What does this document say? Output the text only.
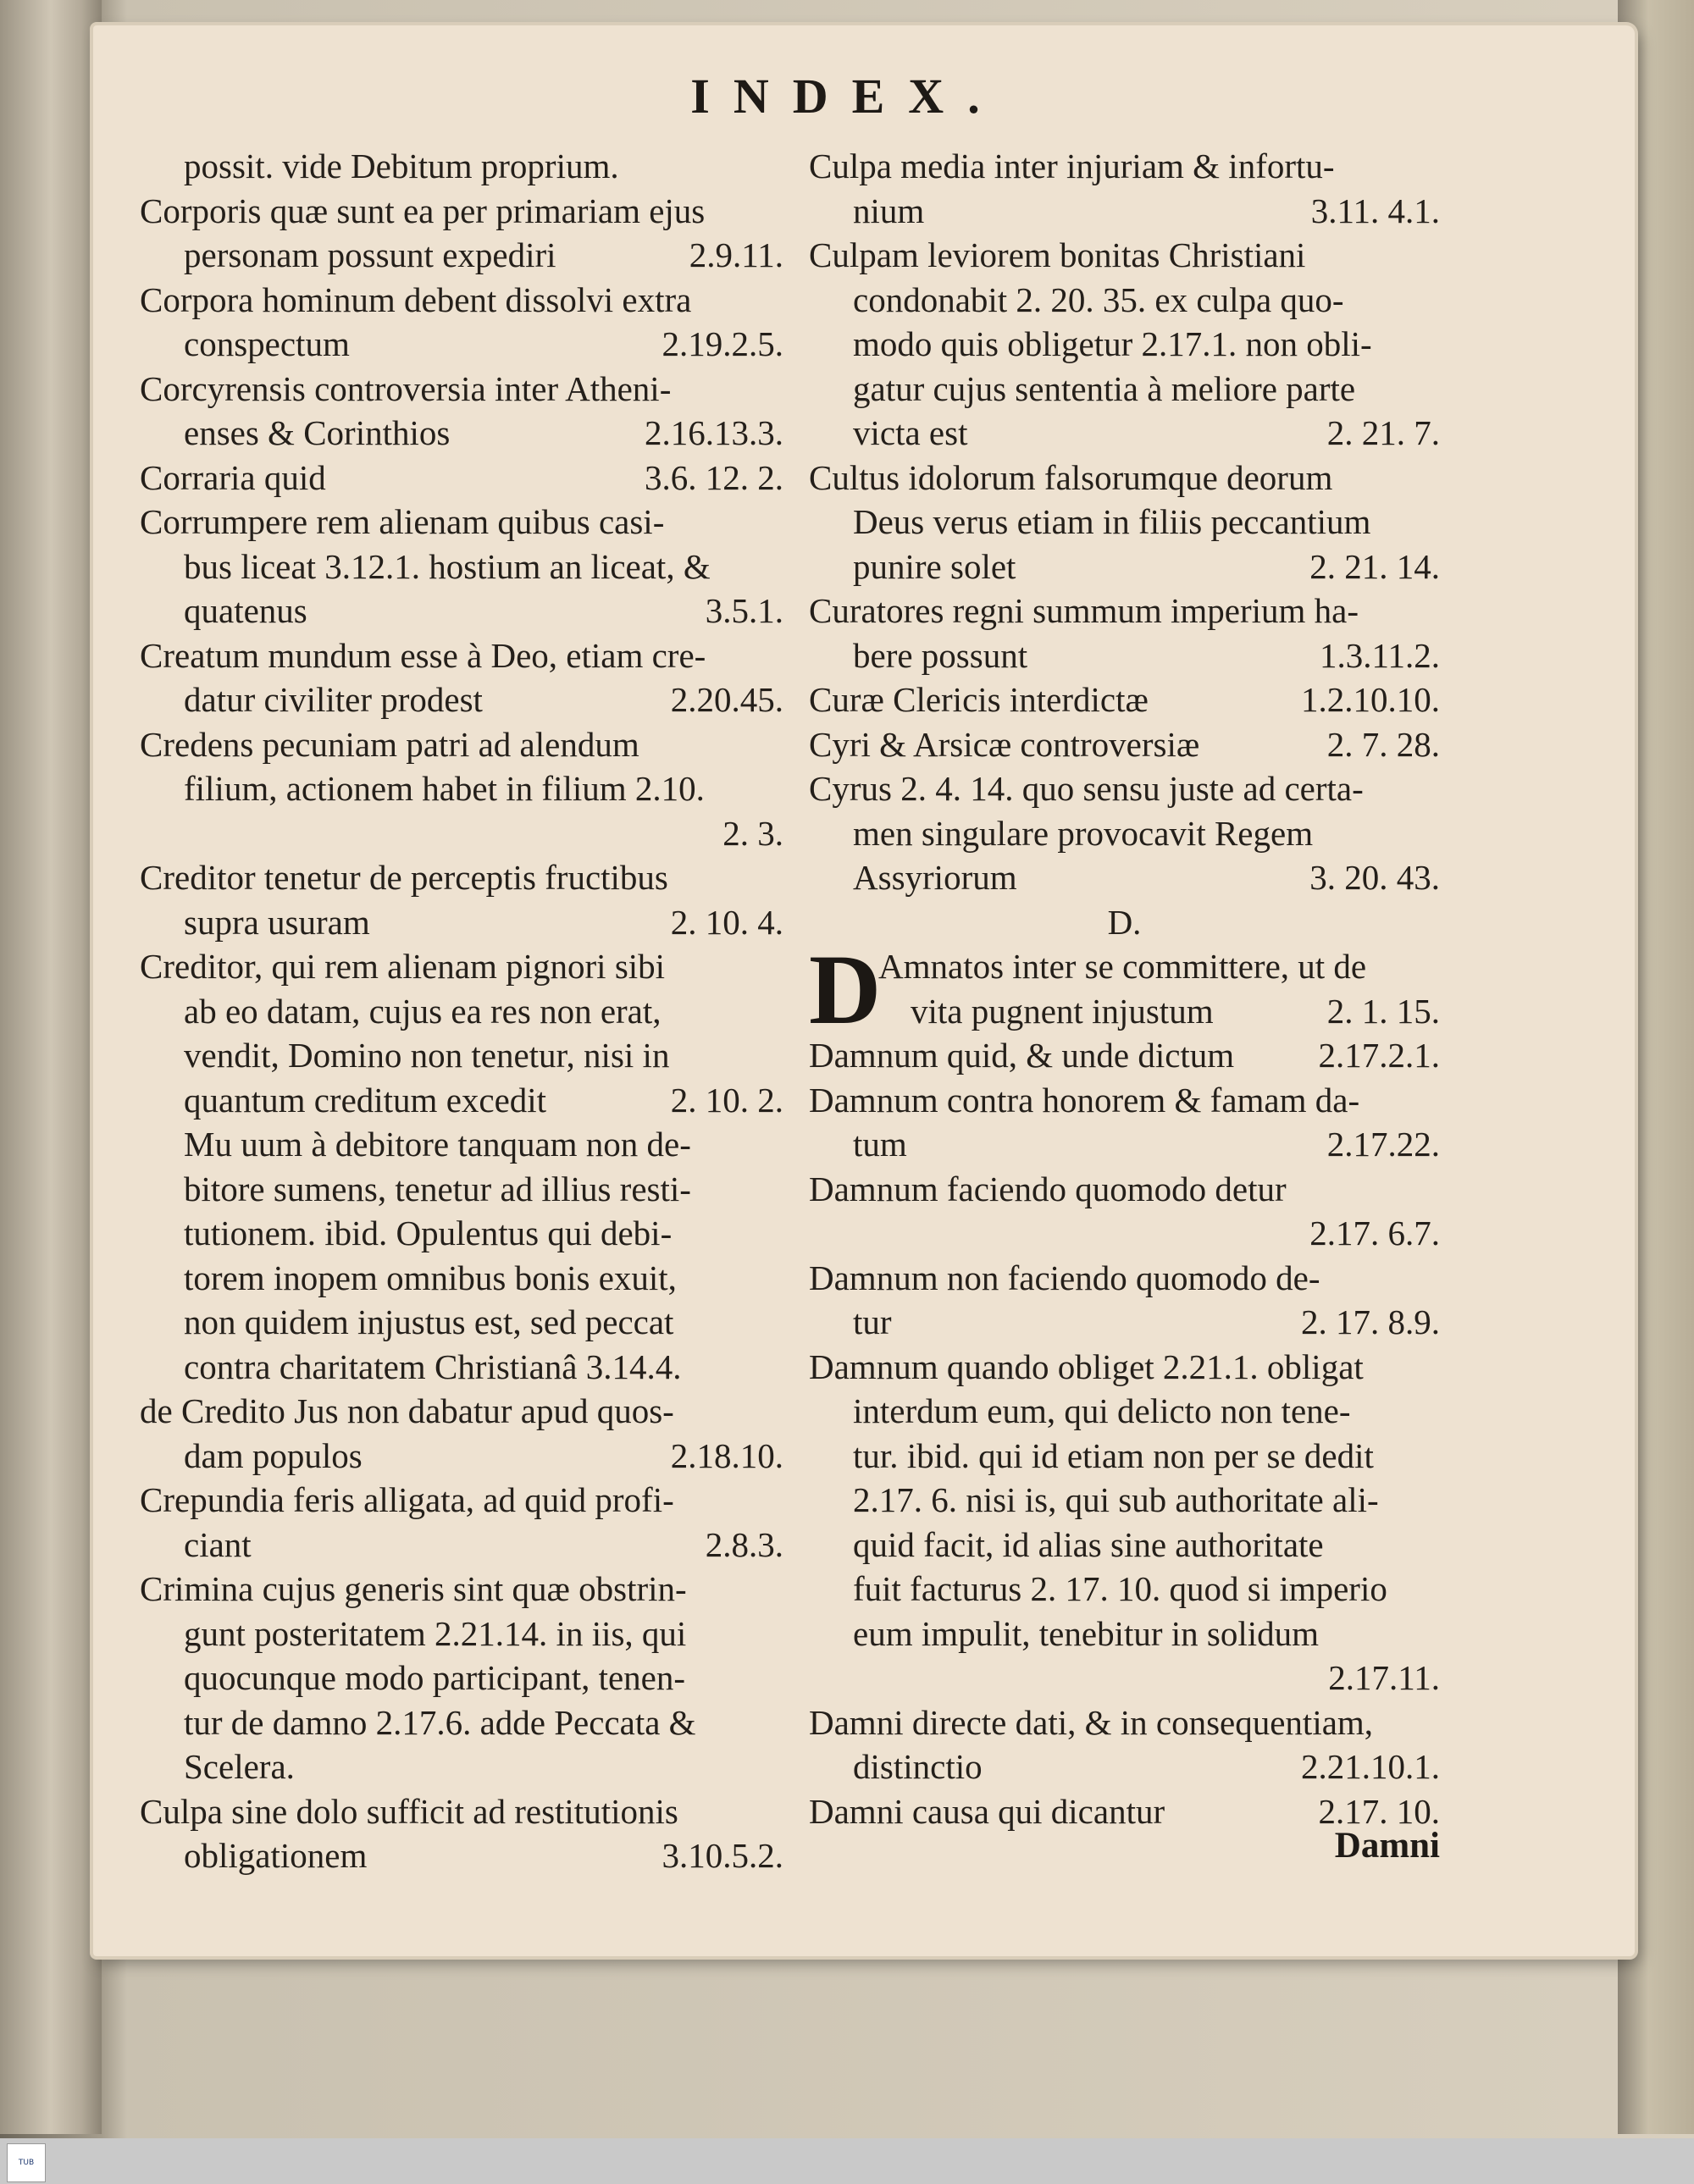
TUB
INDEX.
possit. vide Debitum proprium.
Corporis quæ sunt ea per primariam ejus
personam possunt expediri	2.9.11.
Corpora hominum debent dissolvi extra
conspectum	2.19.2.5.
Corcyrensis controversia inter Atheni-
enses & Corinthios	2.16.13.3.
Corraria quid	3.6. 12. 2.
Corrumpere rem alienam quibus casi-
bus liceat 3.12.1. hostium an liceat, &
quatenus	3.5.1.
Creatum mundum esse à Deo, etiam cre-
datur civiliter prodest	2.20.45.
Credens pecuniam patri ad alendum
filium, actionem habet in filium 2.10.
2. 3.
Creditor tenetur de perceptis fructibus
supra usuram	2. 10. 4.
Creditor, qui rem alienam pignori sibi
ab eo datam, cujus ea res non erat,
vendit, Domino non tenetur, nisi in
quantum creditum excedit	2. 10. 2.
Mu uum à debitore tanquam non de-
bitore sumens, tenetur ad illius resti-
tutionem. ibid. Opulentus qui debi-
torem inopem omnibus bonis exuit,
non quidem injustus est, sed peccat
contra charitatem Christianâ 3.14.4.
de Credito Jus non dabatur apud quos-
dam populos	2.18.10.
Crepundia feris alligata, ad quid profi-
ciant	2.8.3.
Crimina cujus generis sint quæ obstrin-
gunt posteritatem 2.21.14. in iis, qui
quocunque modo participant, tenen-
tur de damno 2.17.6. adde Peccata &
Scelera.
Culpa sine dolo sufficit ad restitutionis
obligationem	3.10.5.2.
Culpa media inter injuriam & infortu-
nium	3.11. 4.1.
Culpam leviorem bonitas Christiani
condonabit 2. 20. 35. ex culpa quo-
modo quis obligetur 2.17.1. non obli-
gatur cujus sententia à meliore parte
victa est	2. 21. 7.
Cultus idolorum falsorumque deorum
Deus verus etiam in filiis peccantium
punire solet	2. 21. 14.
Curatores regni summum imperium ha-
bere possunt	1.3.11.2.
Curæ Clericis interdictæ	1.2.10.10.
Cyri & Arsicæ controversiæ	2. 7. 28.
Cyrus 2. 4. 14. quo sensu juste ad certa-
men singulare provocavit Regem
Assyriorum	3. 20. 43.
D.
D
Amnatos inter se committere, ut de
vita pugnent injustum	2. 1. 15.
Damnum quid, & unde dictum 2.17.2.1.
Damnum contra honorem & famam da-
tum	2.17.22.
Damnum faciendo quomodo detur
2.17. 6.7.
Damnum non faciendo quomodo de-
tur	2. 17. 8.9.
Damnum quando obliget 2.21.1. obligat
interdum eum, qui delicto non tene-
tur. ibid. qui id etiam non per se dedit
2.17. 6. nisi is, qui sub authoritate ali-
quid facit, id alias sine authoritate
fuit facturus 2. 17. 10. quod si imperio
eum impulit, tenebitur in solidum
2.17.11.
Damni directe dati, & in consequentiam,
distinctio	2.21.10.1.
Damni causa qui dicantur	2.17. 10.
Damni
